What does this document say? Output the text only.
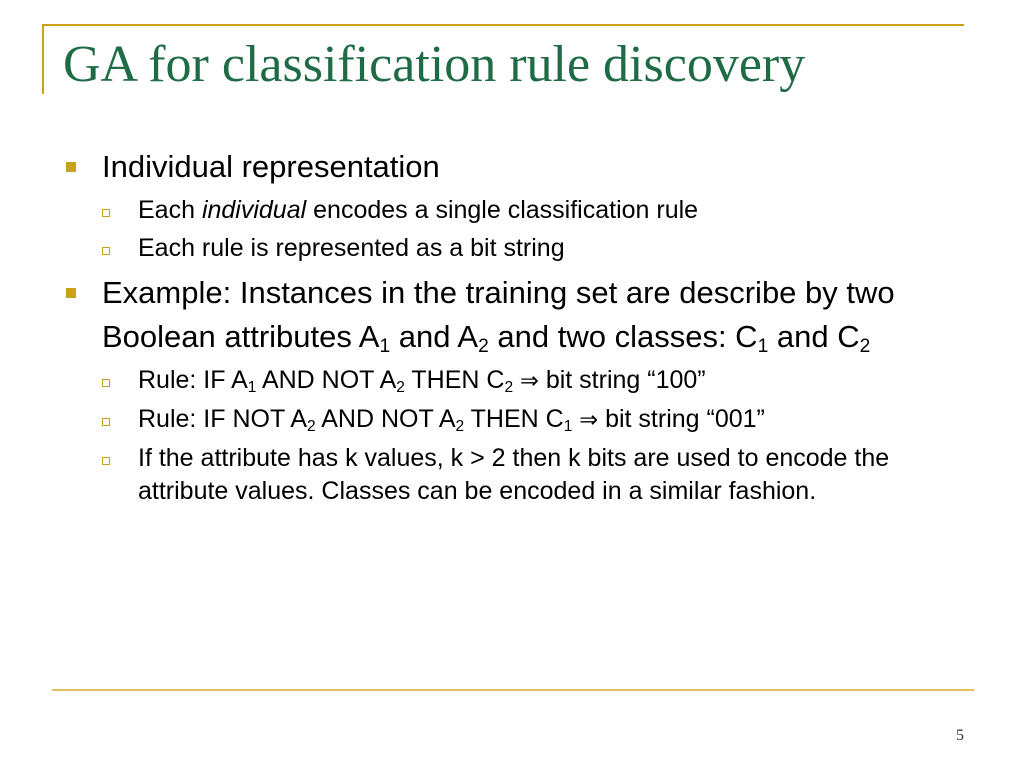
GA for classification rule discovery
Individual representation
Each individual encodes a single classification rule
Each rule is represented as a bit string
Example: Instances in the training set are describe by two Boolean attributes $A_1$ and $A_2$ and two classes: $C_1$ and $C_2$
Rule: IF $A_1$ AND NOT $A_2$ THEN $C_2$ ⇒ bit string “100”
Rule: IF NOT $A_2$ AND NOT $A_2$ THEN $C_1$ ⇒ bit string “001”
If the attribute has k values, k > 2 then k bits are used to encode the attribute values. Classes can be encoded in a similar fashion.
5
